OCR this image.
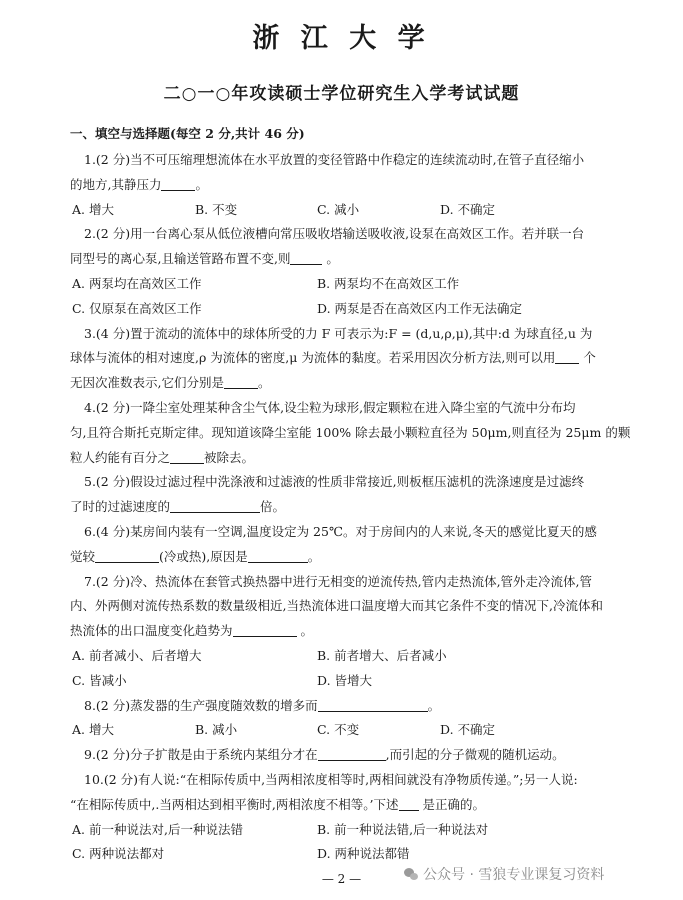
浙 江 大 学
二○一○年攻读硕士学位研究生入学考试试题
一、填空与选择题(每空 2 分,共计 46 分)
1.(2 分)当不可压缩理想流体在水平放置的变径管路中作稳定的连续流动时,在管子直径缩小
的地方,其静压力	。
A. 增大	B. 不变	C. 减小	D. 不确定
2.(2 分)用一台离心泵从低位液槽向常压吸收塔输送吸收液,设泵在高效区工作。若并联一台
同型号的离心泵,且输送管路布置不变,则	。
A. 两泵均在高效区工作	B. 两泵均不在高效区工作
C. 仅原泵在高效区工作	D. 两泵是否在高效区内工作无法确定
3.(4 分)置于流动的流体中的球体所受的力 F 可表示为:F = (d,u,ρ,μ),其中:d 为球直径,u 为
球体与流体的相对速度,ρ 为流体的密度,μ 为流体的黏度。若采用因次分析方法,则可以用 个
无因次准数表示,它们分别是	。
4.(2 分)一降尘室处理某种含尘气体,设尘粒为球形,假定颗粒在进入降尘室的气流中分布均
匀,且符合斯托克斯定律。现知道该降尘室能 100% 除去最小颗粒直径为 50μm,则直径为 25μm 的颗
粒人约能有百分之	被除去。
5.(2 分)假设过滤过程中洗涤液和过滤液的性质非常接近,则板框压滤机的洗涤速度是过滤终
了时的过滤速度的	倍。
6.(4 分)某房间内装有一空调,温度设定为 25℃。对于房间内的人来说,冬天的感觉比夏天的感
觉较	(冷或热),原因是	。
7.(2 分)冷、热流体在套管式换热器中进行无相变的逆流传热,管内走热流体,管外走冷流体,管
内、外两侧对流传热系数的数量级相近,当热流体进口温度增大而其它条件不变的情况下,冷流体和
热流体的出口温度变化趋势为	。
A. 前者减小、后者增大	B. 前者增大、后者减小
C. 皆减小	D. 皆增大
8.(2 分)蒸发器的生产强度随效数的增多而	。
A. 增大	B. 减小	C. 不变	D. 不确定
9.(2 分)分子扩散是由于系统内某组分才在	,而引起的分子微观的随机运动。
10.(2 分)有人说:“在相际传质中,当两相浓度相等时,两相间就没有净物质传递。”;另一人说:
“在相际传质中,.当两相达到相平衡时,两相浓度不相等。’下述 是正确的。
A. 前一种说法对,后一种说法错	B. 前一种说法错,后一种说法对
C. 两种说法都对	D. 两种说法都错
— 2 —	公众号 · 雪狼专业课复习资料
